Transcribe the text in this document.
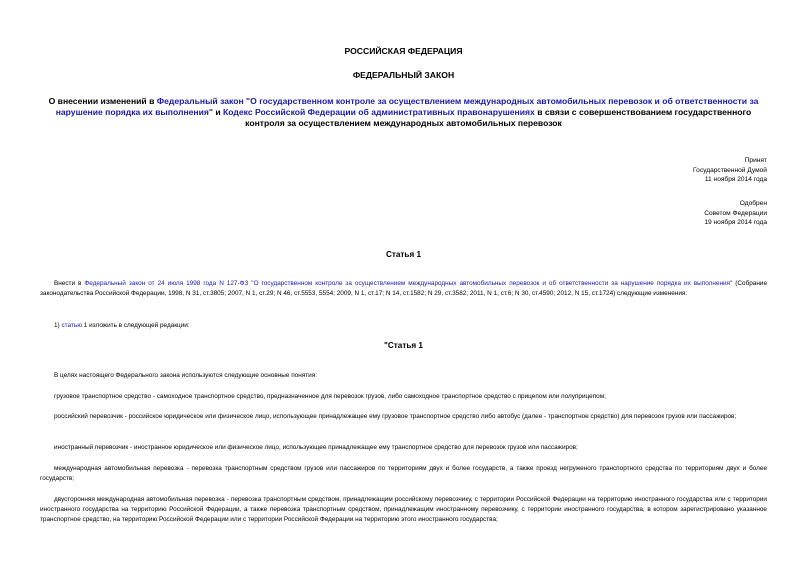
РОССИЙСКАЯ ФЕДЕРАЦИЯ
ФЕДЕРАЛЬНЫЙ ЗАКОН
О внесении изменений в Федеральный закон "О государственном контроле за осуществлением международных автомобильных перевозок и об ответственности за нарушение порядка их выполнения" и Кодекс Российской Федерации об административных правонарушениях в связи с совершенствованием государственного контроля за осуществлением международных автомобильных перевозок
Принят
Государственной Думой
11 ноября 2014 года
Одобрен
Советом Федерации
19 ноября 2014 года
Статья 1

Внести в Федеральный закон от 24 июля 1998 года N 127-ФЗ "О государственном контроле за осуществлением международных автомобильных перевозок и об ответственности за нарушение порядка их выполнения" (Собрание законодательства Российской Федерации, 1998, N 31, ст.3805; 2007, N 1, ст.29; N 46, ст.5553, 5554; 2009, N 1, ст.17; N 14, ст.1582; N 29, ст.3582; 2011, N 1, ст.6; N 30, ст.4590; 2012, N 15, ст.1724) следующие изменения:

1) статью 1 изложить в следующей редакции:

"Статья 1

В целях настоящего Федерального закона используются следующие основные понятия:

грузовое транспортное средство - самоходное транспортное средство, предназначенное для перевозок грузов, либо самоходное транспортное средство с прицепом или полуприцепом;

российский перевозчик - российское юридическое или физическое лицо, использующее принадлежащее ему грузовое транспортное средство либо автобус (далее - транспортное средство) для перевозок грузов или пассажиров;

иностранный перевозчик - иностранное юридическое или физическое лицо, использующее принадлежащее ему транспортное средство для перевозок грузов или пассажиров;

международная автомобильная перевозка - перевозка транспортным средством грузов или пассажиров по территориям двух и более государств, а также проезд негруженого транспортного средства по территориям двух и более государств;

двусторонняя международная автомобильная перевозка - перевозка транспортным средством, принадлежащим российскому перевозчику, с территории Российской Федерации на территорию иностранного государства или с территории иностранного государства на территорию Российской Федерации, а также перевозка транспортным средством, принадлежащим иностранному перевозчику, с территории иностранного государства, в котором зарегистрировано указанное транспортное средство, на территорию Российской Федерации или с территории Российской Федерации на территорию этого иностранного государства;
